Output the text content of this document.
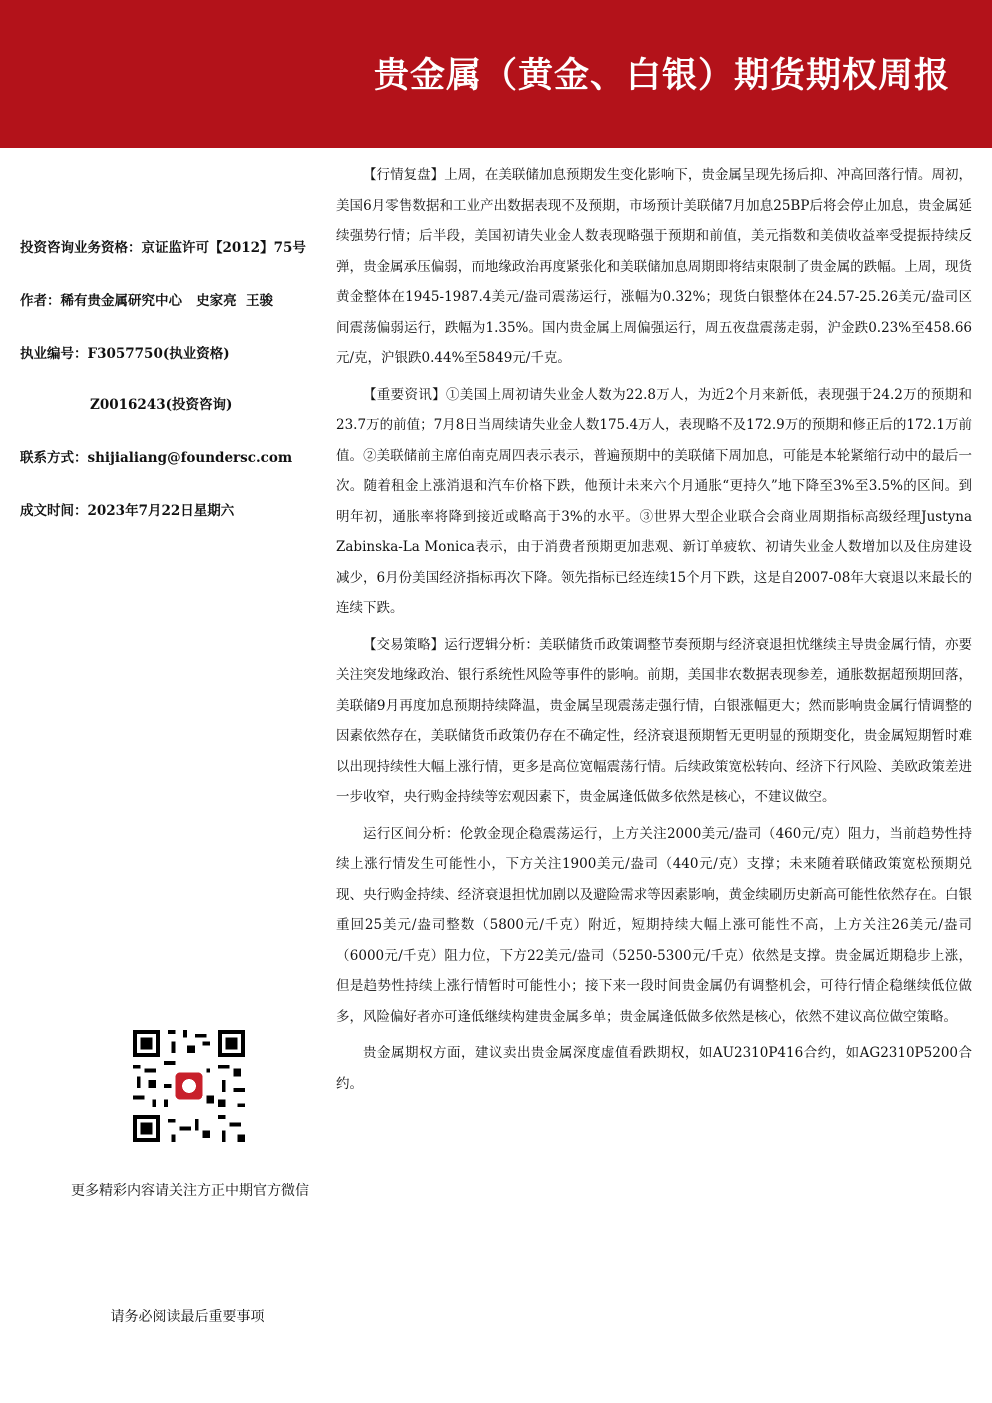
贵金属（黄金、白银）期货期权周报
投资咨询业务资格：京证监许可【2012】75号
作者：稀有贵金属研究中心   史家亮  王骏
执业编号：F3057750(执业资格)
Z0016243(投资咨询)
联系方式：shijialiang@foundersc.com
成文时间：2023年7月22日星期六
更多精彩内容请关注方正中期官方微信
请务必阅读最后重要事项

【行情复盘】上周，在美联储加息预期发生变化影响下，贵金属呈现先扬后抑、冲高回落行情。周初，美国6月零售数据和工业产出数据表现不及预期，市场预计美联储7月加息25BP后将会停止加息，贵金属延续强势行情；后半段，美国初请失业金人数表现略强于预期和前值，美元指数和美债收益率受提振持续反弹，贵金属承压偏弱，而地缘政治再度紧张化和美联储加息周期即将结束限制了贵金属的跌幅。上周，现货黄金整体在1945-1987.4美元/盎司震荡运行，涨幅为0.32%；现货白银整体在24.57-25.26美元/盎司区间震荡偏弱运行，跌幅为1.35%。国内贵金属上周偏强运行，周五夜盘震荡走弱，沪金跌0.23%至458.66元/克，沪银跌0.44%至5849元/千克。

【重要资讯】①美国上周初请失业金人数为22.8万人，为近2个月来新低，表现强于24.2万的预期和23.7万的前值；7月8日当周续请失业金人数175.4万人，表现略不及172.9万的预期和修正后的172.1万前值。②美联储前主席伯南克周四表示表示，普遍预期中的美联储下周加息，可能是本轮紧缩行动中的最后一次。随着租金上涨消退和汽车价格下跌，他预计未来六个月通胀“更持久”地下降至3%至3.5%的区间。到明年初，通胀率将降到接近或略高于3%的水平。③世界大型企业联合会商业周期指标高级经理Justyna Zabinska-La Monica表示，由于消费者预期更加悲观、新订单疲软、初请失业金人数增加以及住房建设减少，6月份美国经济指标再次下降。领先指标已经连续15个月下跌，这是自2007-08年大衰退以来最长的连续下跌。

【交易策略】运行逻辑分析：美联储货币政策调整节奏预期与经济衰退担忧继续主导贵金属行情，亦要关注突发地缘政治、银行系统性风险等事件的影响。前期，美国非农数据表现参差，通胀数据超预期回落，美联储9月再度加息预期持续降温，贵金属呈现震荡走强行情，白银涨幅更大；然而影响贵金属行情调整的因素依然存在，美联储货币政策仍存在不确定性，经济衰退预期暂无更明显的预期变化，贵金属短期暂时难以出现持续性大幅上涨行情，更多是高位宽幅震荡行情。后续政策宽松转向、经济下行风险、美欧政策差进一步收窄，央行购金持续等宏观因素下，贵金属逢低做多依然是核心，不建议做空。

运行区间分析：伦敦金现企稳震荡运行，上方关注2000美元/盎司（460元/克）阻力，当前趋势性持续上涨行情发生可能性小，下方关注1900美元/盎司（440元/克）支撑；未来随着联储政策宽松预期兑现、央行购金持续、经济衰退担忧加剧以及避险需求等因素影响，黄金续刷历史新高可能性依然存在。白银重回25美元/盎司整数（5800元/千克）附近，短期持续大幅上涨可能性不高，上方关注26美元/盎司（6000元/千克）阻力位，下方22美元/盎司（5250-5300元/千克）依然是支撑。贵金属近期稳步上涨，但是趋势性持续上涨行情暂时可能性小；接下来一段时间贵金属仍有调整机会，可待行情企稳继续低位做多，风险偏好者亦可逢低继续构建贵金属多单；贵金属逢低做多依然是核心，依然不建议高位做空策略。

贵金属期权方面，建议卖出贵金属深度虚值看跌期权，如AU2310P416合约，如AG2310P5200合约。
